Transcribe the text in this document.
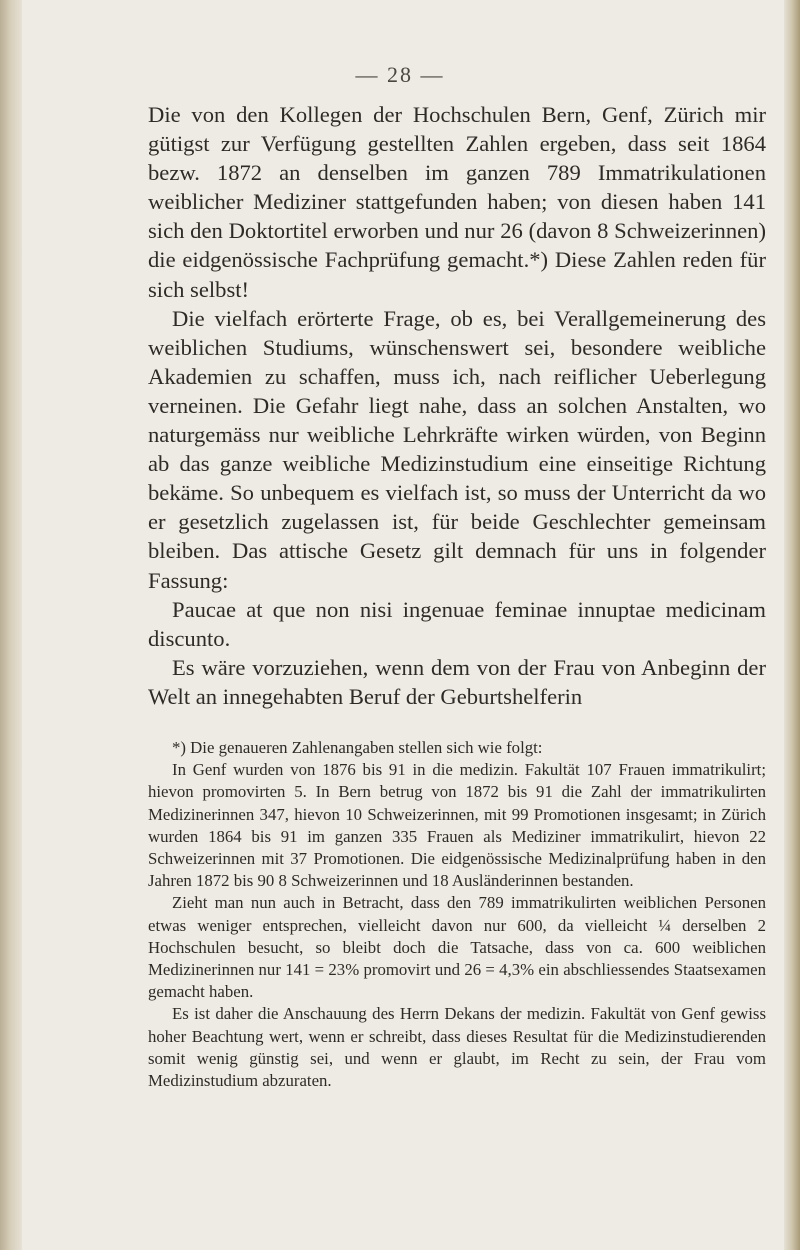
— 28 —

Die von den Kollegen der Hochschulen Bern, Genf, Zürich mir gütigst zur Verfügung gestellten Zahlen ergeben, dass seit 1864 bezw. 1872 an denselben im ganzen 789 Immatrikulationen weiblicher Mediziner stattgefunden haben; von diesen haben 141 sich den Doktortitel erworben und nur 26 (davon 8 Schweizerinnen) die eidgenössische Fachprüfung gemacht.*) Diese Zahlen reden für sich selbst!

Die vielfach erörterte Frage, ob es, bei Verallgemeinerung des weiblichen Studiums, wünschenswert sei, besondere weibliche Akademien zu schaffen, muss ich, nach reiflicher Ueberlegung verneinen. Die Gefahr liegt nahe, dass an solchen Anstalten, wo naturgemäss nur weibliche Lehrkräfte wirken würden, von Beginn ab das ganze weibliche Medizinstudium eine einseitige Richtung bekäme. So unbequem es vielfach ist, so muss der Unterricht da wo er gesetzlich zugelassen ist, für beide Geschlechter gemeinsam bleiben. Das attische Gesetz gilt demnach für uns in folgender Fassung:

Paucae at que non nisi ingenuae feminae innuptae medicinam discunto.

Es wäre vorzuziehen, wenn dem von der Frau von Anbeginn der Welt an innegehabten Beruf der Geburtshelferin

*) Die genaueren Zahlenangaben stellen sich wie folgt:

In Genf wurden von 1876 bis 91 in die medizin. Fakultät 107 Frauen immatrikulirt; hievon promovirten 5. In Bern betrug von 1872 bis 91 die Zahl der immatrikulirten Medizinerinnen 347, hievon 10 Schweizerinnen, mit 99 Promotionen insgesamt; in Zürich wurden 1864 bis 91 im ganzen 335 Frauen als Mediziner immatrikulirt, hievon 22 Schweizerinnen mit 37 Promotionen. Die eidgenössische Medizinalprüfung haben in den Jahren 1872 bis 90 8 Schweizerinnen und 18 Ausländerinnen bestanden.

Zieht man nun auch in Betracht, dass den 789 immatrikulirten weiblichen Personen etwas weniger entsprechen, vielleicht davon nur 600, da vielleicht ¼ derselben 2 Hochschulen besucht, so bleibt doch die Tatsache, dass von ca. 600 weiblichen Medizinerinnen nur 141 = 23% promovirt und 26 = 4,3% ein abschliessendes Staatsexamen gemacht haben.

Es ist daher die Anschauung des Herrn Dekans der medizin. Fakultät von Genf gewiss hoher Beachtung wert, wenn er schreibt, dass dieses Resultat für die Medizinstudierenden somit wenig günstig sei, und wenn er glaubt, im Recht zu sein, der Frau vom Medizinstudium abzuraten.
